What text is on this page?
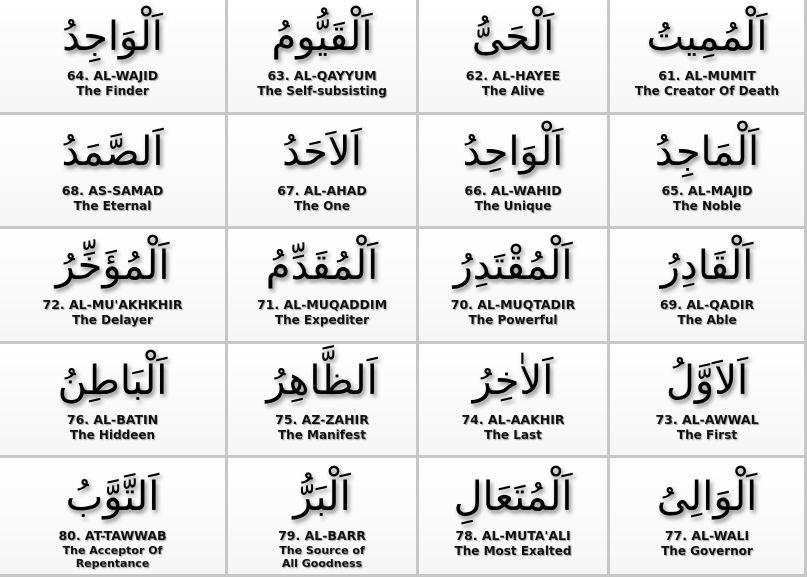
اَلْوَاجِدُ
64. AL-WAJID
The Finder
اَلْقَيُّومُ
63. AL-QAYYUM
The Self-subsisting
اَلْحَىُّ
62. AL-HAYEE
The Alive
اَلْمُمِيتُ
61. AL-MUMIT
The Creator Of Death
اَلصَّمَدُ
68. AS-SAMAD
The Eternal
اَلاَحَدُ
67. AL-AHAD
The One
اَلْوَاحِدُ
66. AL-WAHID
The Unique
اَلْمَاجِدُ
65. AL-MAJID
The Noble
اَلْمُؤَخِّرُ
72. AL-MU'AKHKHIR
The Delayer
اَلْمُقَدِّمُ
71. AL-MUQADDIM
The Expediter
اَلْمُقْتَدِرُ
70. AL-MUQTADIR
The Powerful
اَلْقَادِرُ
69. AL-QADIR
The Able
اَلْبَاطِنُ
76. AL-BATIN
The Hiddeen
اَلظَّاهِرُ
75. AZ-ZAHIR
The Manifest
اَلاٰخِرُ
74. AL-AAKHIR
The Last
اَلاَوَّلُ
73. AL-AWWAL
The First
اَلتَّوَّبُ
80. AT-TAWWAB
The Acceptor Of
Repentance
اَلْبَرُّ
79. AL-BARR
The Source of
All Goodness
اَلْمُتَعَالِ
78. AL-MUTA'ALI
The Most Exalted
اَلْوَالِىُ
77. AL-WALI
The Governor
